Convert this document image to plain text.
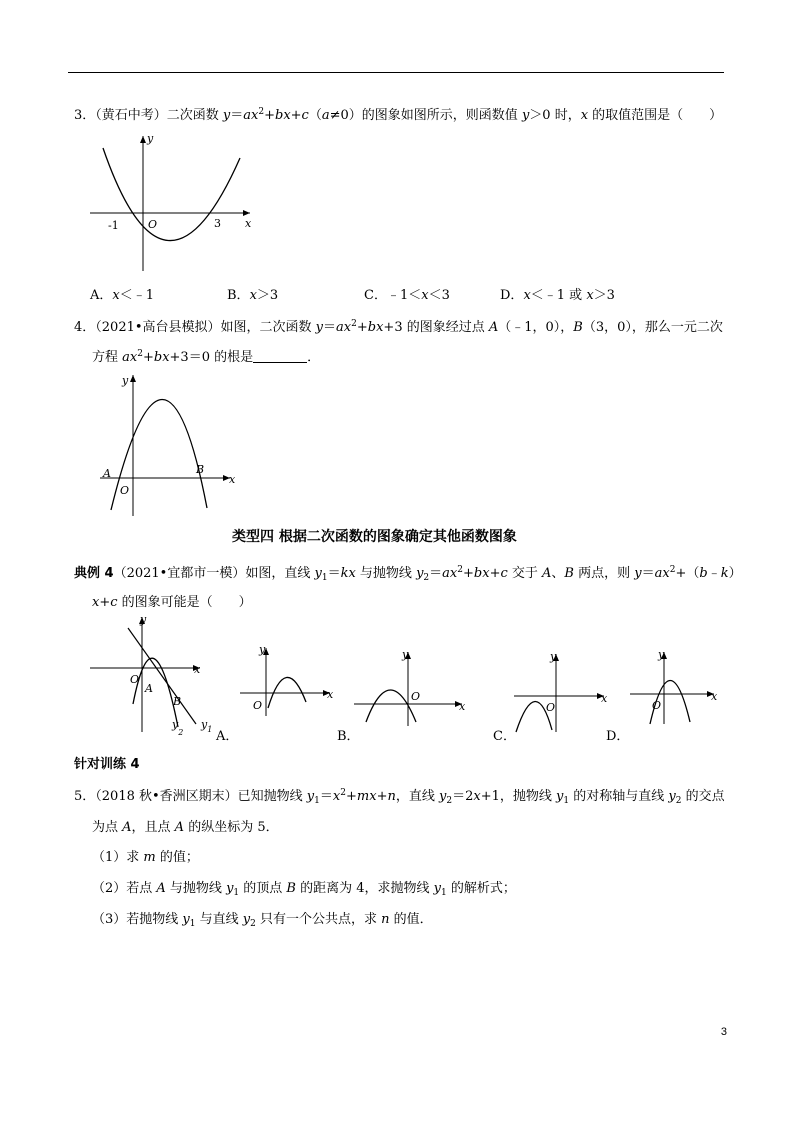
3．（黄石中考）二次函数 $y=ax^2+bx+c(a\ne 0)$的图象如图所示，则函数值 y＞0 时，x 的取值范围是（　　）
y
x
O
-1	3
A．x＜﹣1	B．x＞3	C．﹣1＜x＜3	D．x＜﹣1 或 x＞3
4．（2021•高台县模拟）如图，二次函数 $y=ax^2+bx+3$ 的图象经过点 A（﹣1，0），B（3，0），那么一元二次
方程 $ax^2+bx+3=0$ 的根是	．
y
x
O
A	B
类型四 根据二次函数的图象确定其他函数图象
典例 4（2021•宜都市一模）如图，直线 $y_1=kx$ 与抛物线 $y_2=ax^2+bx+c$ 交于 A、B 两点，则 $y=ax^2+(b﹣k)$
x+c 的图象可能是（　　）
y
x
O
A
B
$y_2$
$y_1$ A．
y
x
O
B．
y
x
O
C．
y
x
O
D．
y
x
O
针对训练 4
5．（2018 秋•香洲区期末）已知抛物线 $y_1=x^2+mx+n$，直线 $y_2=2x+1$，抛物线 $y_1$ 的对称轴与直线 $y_2$ 的交点
为点 A，且点 A 的纵坐标为 5．
（1）求 m 的值；
（2）若点 A 与抛物线 $y_1$ 的顶点 B 的距离为 4，求抛物线 $y_1$ 的解析式；
（3）若抛物线 $y_1$ 与直线 $y_2$ 只有一个公共点，求 n 的值．
3
